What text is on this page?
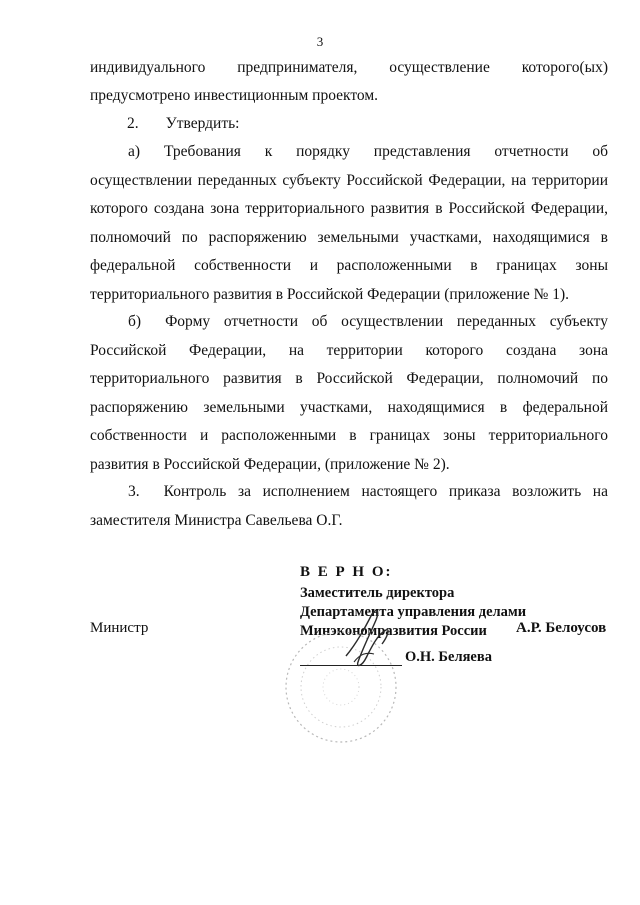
3
индивидуального предпринимателя, осуществление которого(ых)
предусмотрено инвестиционным проектом.
2.       Утвердить:
а) Требования к порядку представления отчетности об осуществлении переданных субъекту Российской Федерации, на территории которого создана зона территориального развития в Российской Федерации, полномочий по распоряжению земельными участками, находящимися в федеральной собственности и расположенными в границах зоны территориального развития в Российской Федерации (приложение № 1).
б) Форму отчетности об осуществлении переданных субъекту Российской Федерации, на территории которого создана зона территориального развития в Российской Федерации, полномочий по распоряжению земельными участками, находящимися в федеральной собственности и расположенными в границах зоны территориального развития в Российской Федерации, (приложение № 2).
3. Контроль за исполнением настоящего приказа возложить на заместителя Министра Савельева О.Г.
В Е Р Н О:
Заместитель директора
Департамента управления делами
Минэкономразвития России
Министр	А.Р. Белоусов
О.Н. Беляева
